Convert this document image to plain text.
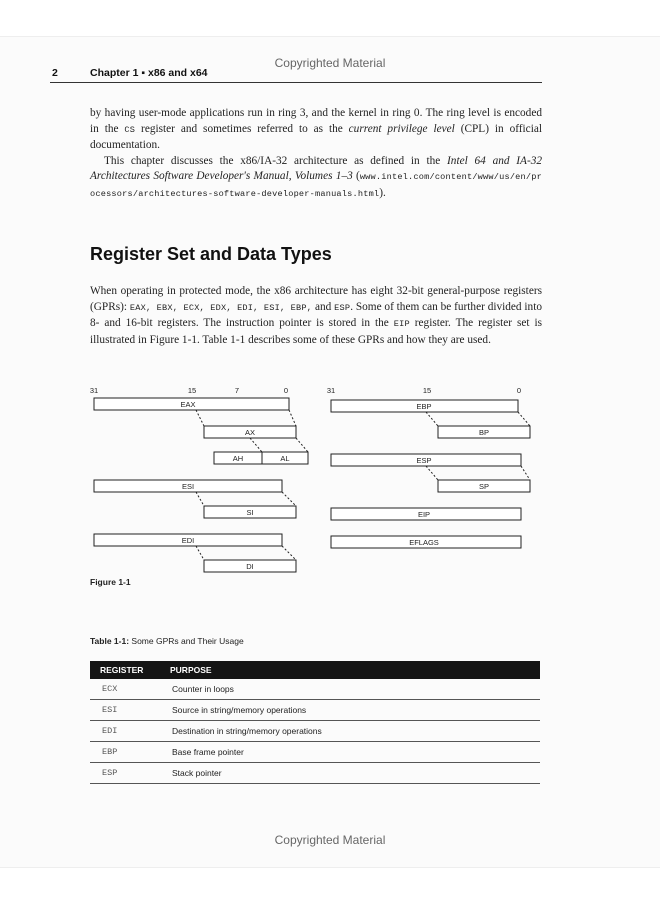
Copyrighted Material
2	Chapter 1 ▪ x86 and x64

by having user-mode applications run in ring 3, and the kernel in ring 0. The ring level is encoded in the CS register and sometimes referred to as the current privilege level (CPL) in official documentation.

This chapter discusses the x86/IA-32 architecture as defined in the Intel 64 and IA-32 Architectures Software Developer's Manual, Volumes 1–3 (www.intel.com/content/www/us/en/processors/architectures-software-developer-manuals.html).

Register Set and Data Types

When operating in protected mode, the x86 architecture has eight 32-bit general-purpose registers (GPRs): EAX, EBX, ECX, EDX, EDI, ESI, EBP, and ESP. Some of them can be further divided into 8- and 16-bit registers. The instruction pointer is stored in the EIP register. The register set is illustrated in Figure 1-1. Table 1-1 describes some of these GPRs and how they are used.

31	15	7	0	31	15	0
EAX
AX
AH	AL
ESI
SI
EDI
DI
EBP
BP
ESP
SP
EIP
EFLAGS
Figure 1-1
Table 1-1: Some GPRs and Their Usage
REGISTER	PURPOSE
ECX	Counter in loops
ESI	Source in string/memory operations
EDI	Destination in string/memory operations
EBP	Base frame pointer
ESP	Stack pointer
Copyrighted Material
